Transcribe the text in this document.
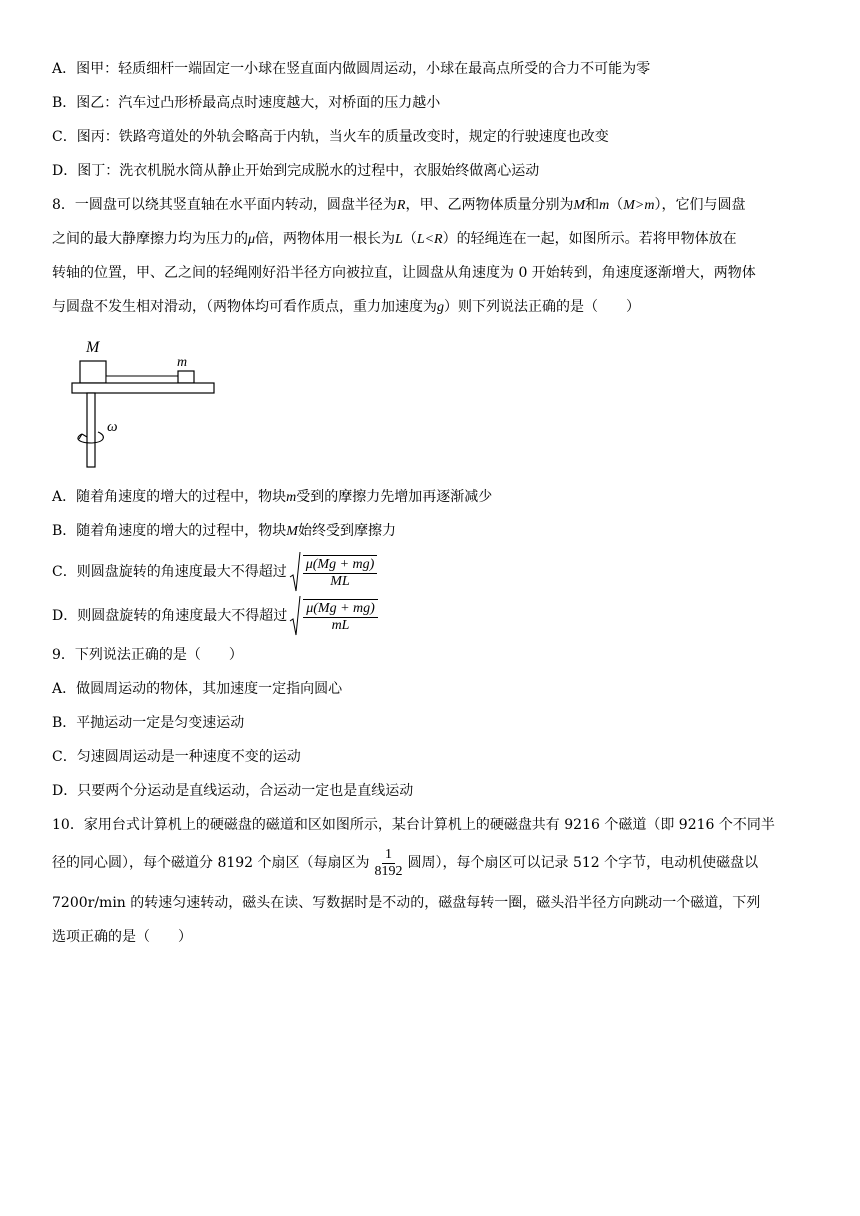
A．图甲：轻质细杆一端固定一小球在竖直面内做圆周运动，小球在最高点所受的合力不可能为零
B．图乙：汽车过凸形桥最高点时速度越大，对桥面的压力越小
C．图丙：铁路弯道处的外轨会略高于内轨，当火车的质量改变时，规定的行驶速度也改变
D．图丁：洗衣机脱水筒从静止开始到完成脱水的过程中，衣服始终做离心运动
8．一圆盘可以绕其竖直轴在水平面内转动，圆盘半径为R，甲、乙两物体质量分别为M和m（M>m），它们与圆盘
之间的最大静摩擦力均为压力的μ倍，两物体用一根长为L（L<R）的轻绳连在一起，如图所示。若将甲物体放在
转轴的位置，甲、乙之间的轻绳刚好沿半径方向被拉直，让圆盘从角速度为 0 开始转到，角速度逐渐增大，两物体
与圆盘不发生相对滑动，（两物体均可看作质点，重力加速度为g）则下列说法正确的是（　　）
M
m
ω
A．随着角速度的增大的过程中，物块m受到的摩擦力先增加再逐渐减少
B．随着角速度的增大的过程中，物块M始终受到摩擦力
C．则圆盘旋转的角速度最大不得超过 $\frac{\mu(Mg + mg)}{ML}$
D．则圆盘旋转的角速度最大不得超过 $\frac{\mu(Mg + mg)}{mL}$
9．下列说法正确的是（　　）
A．做圆周运动的物体，其加速度一定指向圆心
B．平抛运动一定是匀变速运动
C．匀速圆周运动是一种速度不变的运动
D．只要两个分运动是直线运动，合运动一定也是直线运动
10．家用台式计算机上的硬磁盘的磁道和区如图所示，某台计算机上的硬磁盘共有 9216 个磁道（即 9216 个不同半
径的同心圆），每个磁道分 8192 个扇区（每扇区为 $\frac{1}{8192}$ 圆周），每个扇区可以记录 512 个字节，电动机使磁盘以
7200r/min 的转速匀速转动，磁头在读、写数据时是不动的，磁盘每转一圈，磁头沿半径方向跳动一个磁道，下列
选项正确的是（　　）
